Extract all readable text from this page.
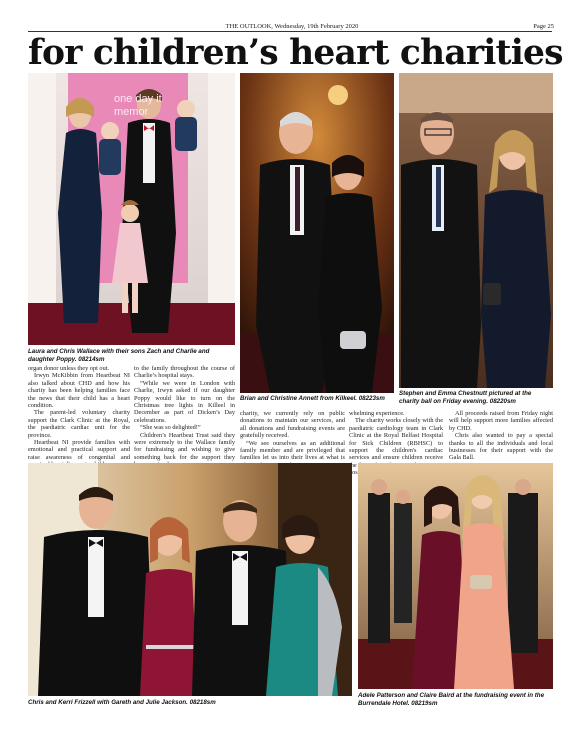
THE OUTLOOK, Wednesday, 19th February 2020	Page 25
for children’s heart charities
one day it
memor
Laura and Chris Wallace with their sons Zach and Charlie and daughter Poppy. 08214sm
Brian and Christine Annett from Kilkeel. 08223sm
Stephen and Emma Chestnutt pictured at the charity ball on Friday evening. 08220sm

organ donor unless they opt out.

Irwyn McKibbin from Heartbeat NI also talked about CHD and how his charity has been helping families face the news that their child has a heart condition.

The parent-led voluntary charity support the Clark Clinic at the Royal, the paediatric cardiac unit for the province.

Heartbeat NI provide families with emotional and practical support and raise awareness of congenital and

to the family throughout the course of Charlie’s hospital stays.

“While we were in London with Charlie, Irwyn asked if our daughter Poppy would like to turn on the Christmas tree lights in Killeel in December as part of Dicken’s Day celebrations.

“She was so delighted!”

Children’s Heartbeat Trust said they were extremely to the Wallace family for fundraising and wishing to give something back for the support they

charity, we currently rely on public donations to maintain our services, and all donations and fundraising events are gratefully received.

“We see ourselves as an additional family member and are privileged that families let us into their lives at what is

whelming experience.

The charity works closely with the paediatric cardiology team in Clark Clinic at the Royal Belfast Hospital for Sick Children (RBHSC) to support the children's cardiac services and ensure children receive the

All proceeds raised from Friday night will help support more families affected by CHD.

Chris also wanted to pay a special thanks to all the individuals and local businesses for their support with the Gala Ball.

Chris and Kerri Frizzell with Gareth and Julie Jackson. 08218sm
Adele Patterson and Claire Baird at the fundraising event in the Burrendale Hotel. 08219sm
